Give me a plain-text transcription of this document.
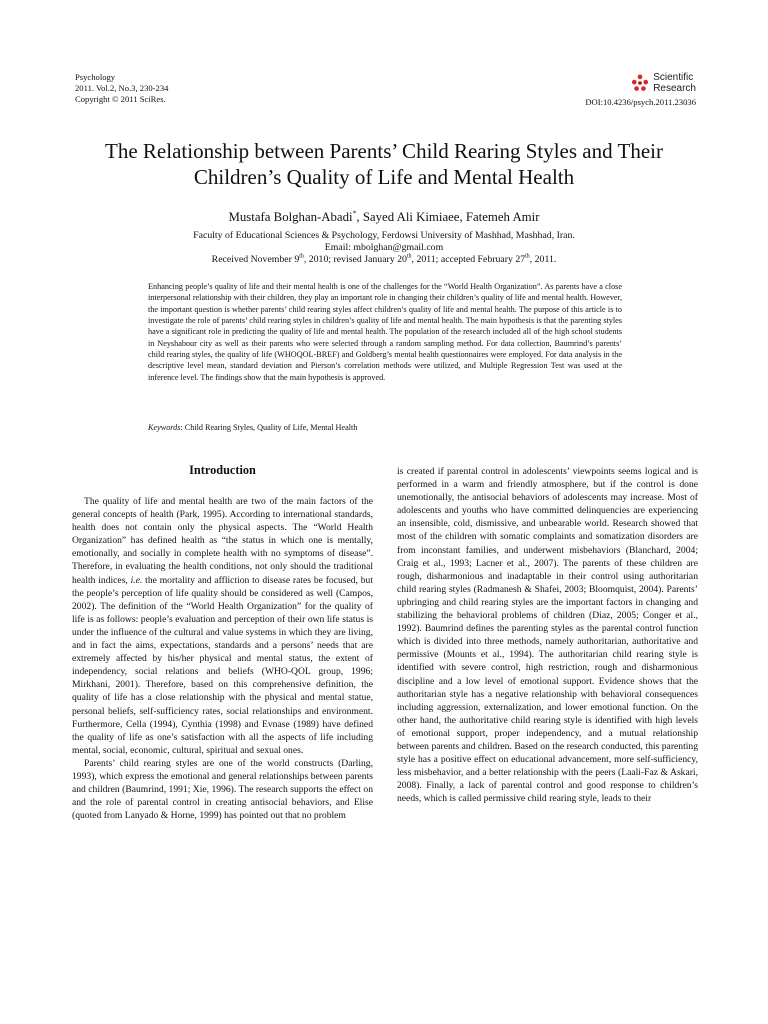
Psychology
2011. Vol.2, No.3, 230-234
Copyright © 2011 SciRes.
Scientific
Research
DOI:10.4236/psych.2011.23036
The Relationship between Parents’ Child Rearing Styles and Their
Children’s Quality of Life and Mental Health
Mustafa Bolghan-Abadi*, Sayed Ali Kimiaee, Fatemeh Amir
Faculty of Educational Sciences & Psychology, Ferdowsi University of Mashhad, Mashhad, Iran.
Email: mbolghan@gmail.com
Received November 9th, 2010; revised January 20th, 2011; accepted February 27th, 2011.

Enhancing people’s quality of life and their mental health is one of the challenges for the “World Health Organization”. As parents have a close interpersonal relationship with their children, they play an important role in changing their children’s quality of life and mental health. However, the important question is whether parents’ child rearing styles affect children’s quality of life and mental health. The purpose of this article is to investigate the role of parents’ child rearing styles in children’s quality of life and mental health. The main hypothesis is that the parenting styles have a significant role in predicting the quality of life and mental health. The population of the research included all of the high school students in Neyshabour city as well as their parents who were selected through a random sampling method. For data collection, Baumrind’s parents’ child rearing styles, the quality of life (WHOQOL-BREF) and Goldberg’s mental health questionnaires were employed. For data analysis in the descriptive level mean, standard deviation and Pierson’s correlation methods were utilized, and Multiple Regression Test was used at the inference level. The findings show that the main hypothesis is approved.

Keywords: Child Rearing Styles, Quality of Life, Mental Health
Introduction

The quality of life and mental health are two of the main factors of the general concepts of health (Park, 1995). According to international standards, health does not contain only the physical aspects. The “World Health Organization” has defined health as “the status in which one is mentally, emotionally, and socially in complete health with no symptoms of disease”. Therefore, in evaluating the health conditions, not only should the traditional health indices, i.e. the mortality and affliction to disease rates be focused, but the people’s perception of life quality should be considered as well (Campos, 2002). The definition of the “World Health Organization” for the quality of life is as follows: people’s evaluation and perception of their own life status is under the influence of the cultural and value systems in which they are living, and in fact the aims, expectations, standards and a persons’ needs that are extremely affected by his/her physical and mental status, the extent of independency, social relations and beliefs (WHO-QOL group, 1996; Mirkhani, 2001). Therefore, based on this comprehensive definition, the quality of life has a close relationship with the physical and mental statue, personal beliefs, self-sufficiency rates, social relationships and environment. Furthermore, Cella (1994), Cynthia (1998) and Evnase (1989) have defined the quality of life as one’s satisfaction with all the aspects of life including mental, social, economic, cultural, spiritual and sexual ones.

Parents’ child rearing styles are one of the world constructs (Darling, 1993), which express the emotional and general relationships between parents and children (Baumrind, 1991; Xie, 1996). The research supports the effect on and the role of parental control in creating antisocial behaviors, and Elise (quoted from Lanyado & Horne, 1999) has pointed out that no problem

is created if parental control in adolescents’ viewpoints seems logical and is performed in a warm and friendly atmosphere, but if the control is done unemotionally, the antisocial behaviors of adolescents may increase. Most of adolescents and youths who have committed delinquencies are experiencing an insensible, cold, dismissive, and unbearable world. Research showed that most of the children with somatic complaints and somatization disorders are from inconstant families, and underwent misbehaviors (Blanchard, 2004; Craig et al., 1993; Lacner et al., 2007). The parents of these children are rough, disharmonious and inadaptable in their control using authoritarian child rearing styles (Radmanesh & Shafei, 2003; Bloomquist, 2004). Parents’ upbringing and child rearing styles are the important factors in changing and stabilizing the behavioral problems of children (Diaz, 2005; Conger et al., 1992). Baumrind defines the parenting styles as the parental control function which is divided into three methods, namely authoritarian, authoritative and permissive (Mounts et al., 1994). The authoritarian child rearing style is identified with severe control, high restriction, rough and disharmonious discipline and a low level of emotional support. Evidence shows that the authoritarian style has a negative relationship with behavioral consequences including aggression, externalization, and lower emotional function. On the other hand, the authoritative child rearing style is identified with high levels of emotional support, proper independency, and a mutual relationship between parents and children. Based on the research conducted, this parenting style has a positive effect on educational advancement, more self-sufficiency, less misbehavior, and a better relationship with the peers (Laali-Faz & Askari, 2008). Finally, a lack of parental control and good response to children’s needs, which is called permissive child rearing style, leads to their
